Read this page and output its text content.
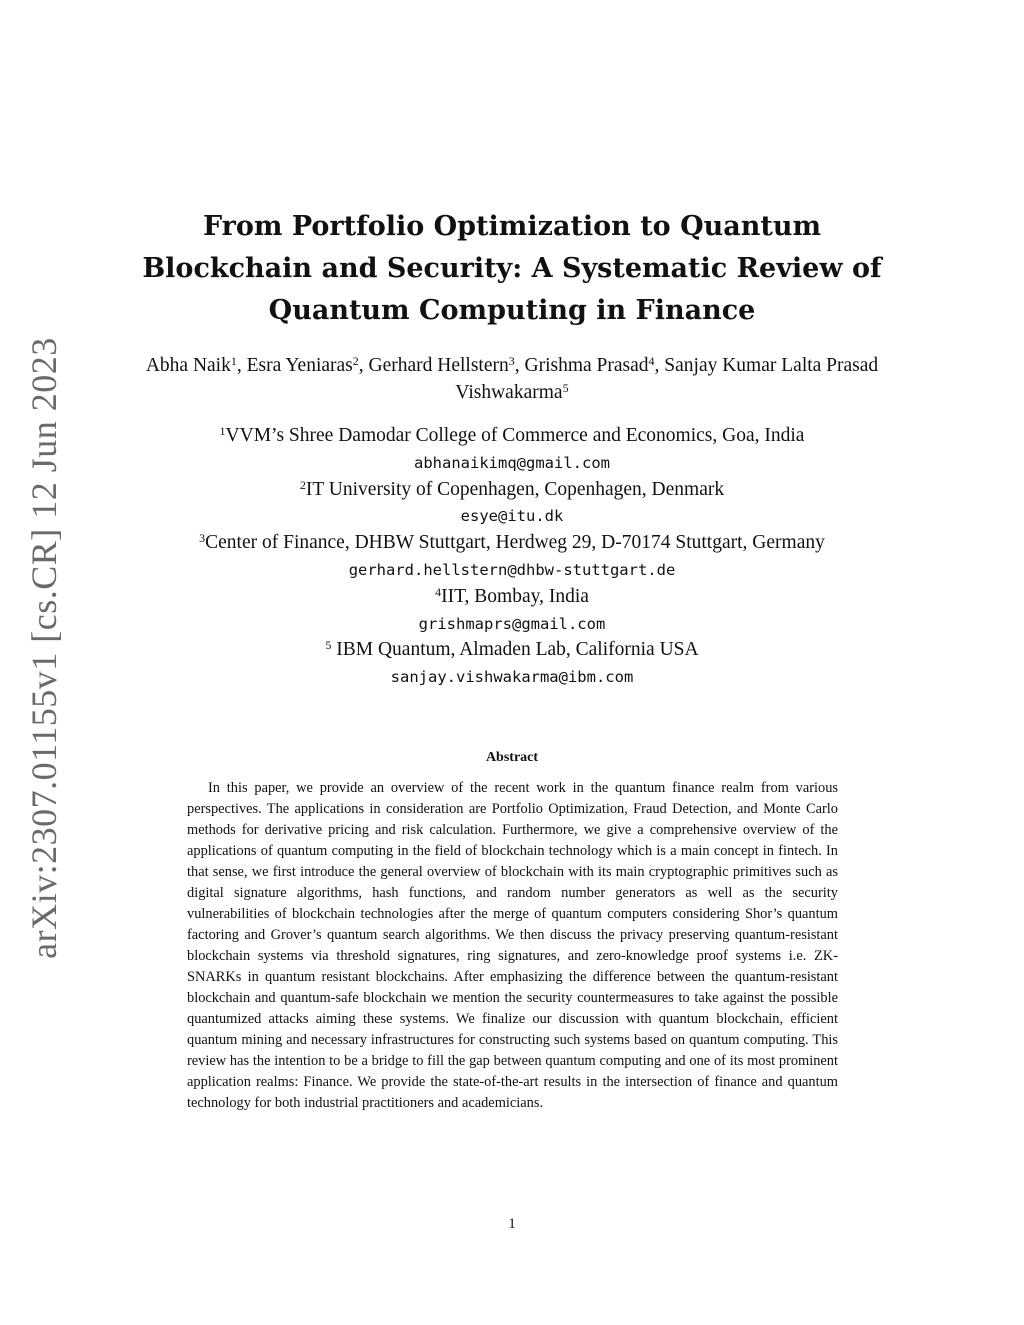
arXiv:2307.01155v1 [cs.CR] 12 Jun 2023
From Portfolio Optimization to Quantum Blockchain and Security: A Systematic Review of Quantum Computing in Finance

Abha Naik$^1$, Esra Yeniaras$^2$, Gerhard Hellstern$^3$, Grishma Prasad$^4$, Sanjay Kumar Lalta Prasad Vishwakarma$^5$

$^1$VVM’s Shree Damodar College of Commerce and Economics, Goa, India
abhanaikimq@gmail.com
$^2$IT University of Copenhagen, Copenhagen, Denmark
esye@itu.dk
$^3$Center of Finance, DHBW Stuttgart, Herdweg 29, D-70174 Stuttgart, Germany
gerhard.hellstern@dhbw-stuttgart.de
$^4$IIT, Bombay, India
grishmaprs@gmail.com
$^5$ IBM Quantum, Almaden Lab, California USA
sanjay.vishwakarma@ibm.com
Abstract

In this paper, we provide an overview of the recent work in the quantum finance realm from various perspectives. The applications in consideration are Portfolio Optimization, Fraud Detection, and Monte Carlo methods for derivative pricing and risk calculation. Furthermore, we give a comprehensive overview of the applications of quantum computing in the field of blockchain technology which is a main concept in fintech. In that sense, we first introduce the general overview of blockchain with its main cryptographic primitives such as digital signature algorithms, hash functions, and random number generators as well as the security vulnerabilities of blockchain technologies after the merge of quantum computers considering Shor’s quantum factoring and Grover’s quantum search algorithms. We then discuss the privacy preserving quantum-resistant blockchain systems via threshold signatures, ring signatures, and zero-knowledge proof systems i.e. ZK-SNARKs in quantum resistant blockchains. After emphasizing the difference between the quantum-resistant blockchain and quantum-safe blockchain we mention the security countermeasures to take against the possible quantumized attacks aiming these systems. We finalize our discussion with quantum blockchain, efficient quantum mining and necessary infrastructures for constructing such systems based on quantum computing. This review has the intention to be a bridge to fill the gap between quantum computing and one of its most prominent application realms: Finance. We provide the state-of-the-art results in the intersection of finance and quantum technology for both industrial practitioners and academicians.

1
